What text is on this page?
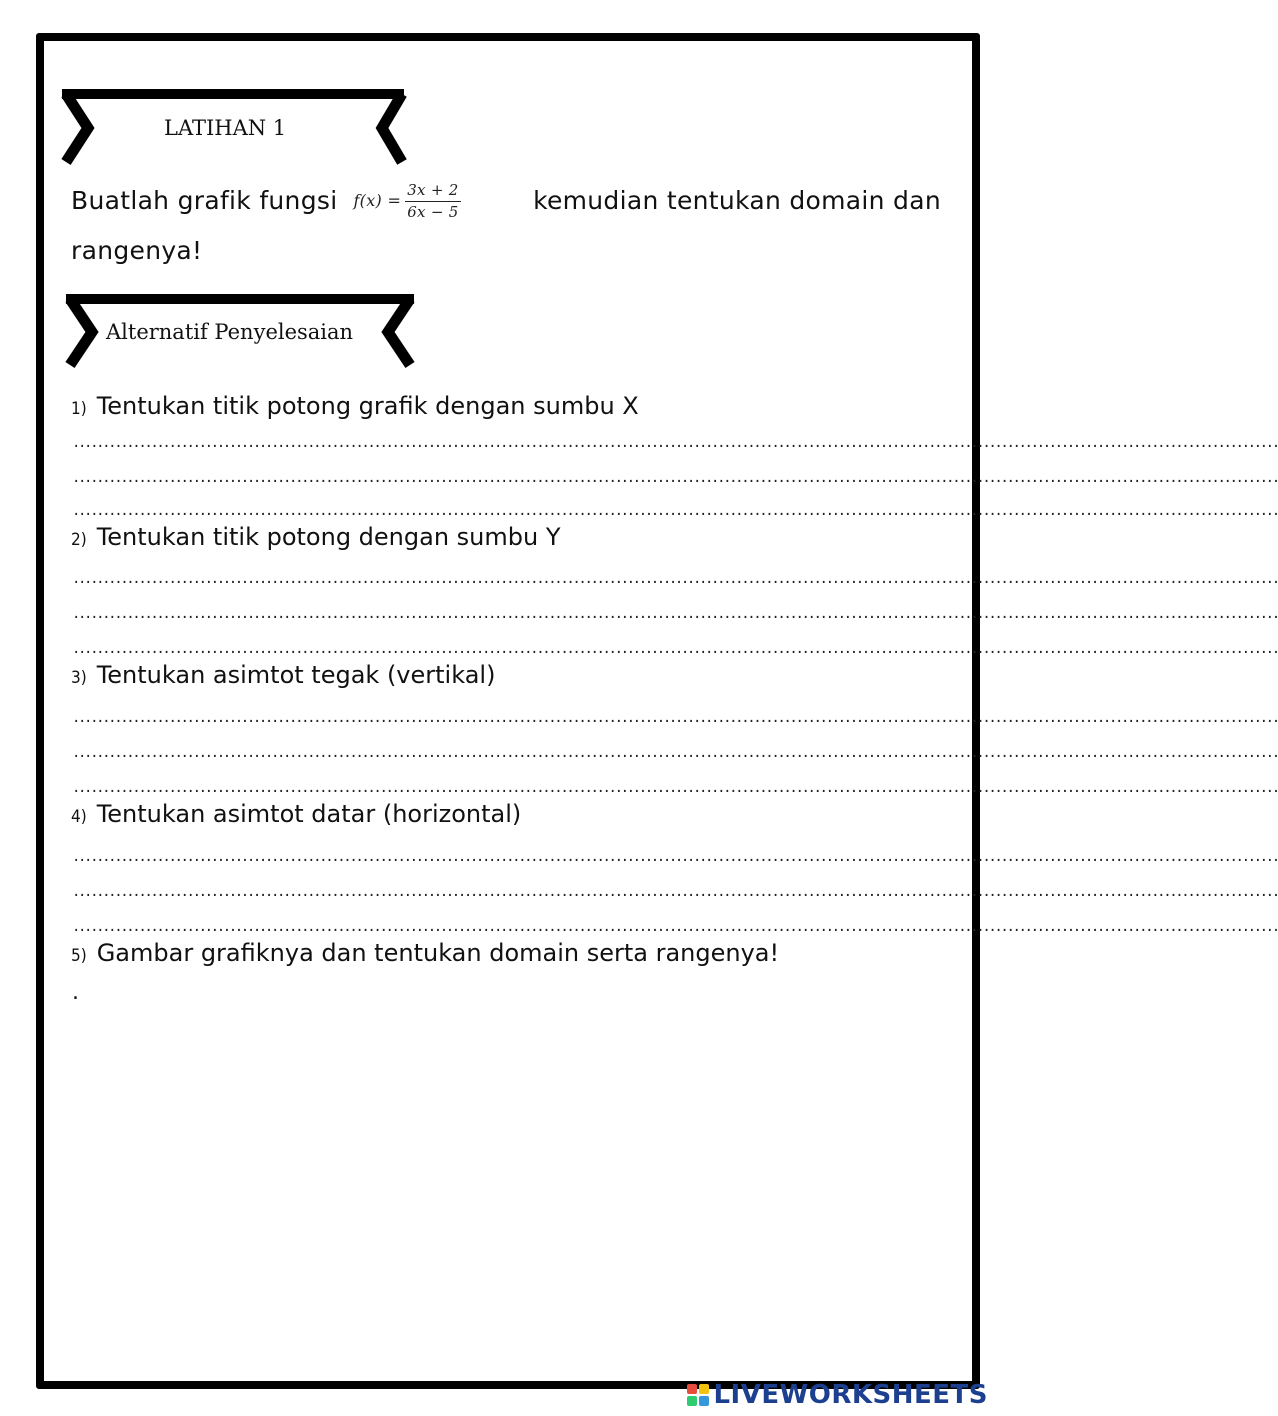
LATIHAN 1
Buatlah grafik fungsi $f(x) = \frac{3x + 2}{6x - 5}$	kemudian tentukan domain dan
rangenya!
Alternatif Penyelesaian
1) Tentukan titik potong grafik dengan sumbu X
........................................................................................................................................................................................................
........................................................................................................................................................................................................
........................................................................................................................................................................................................
2) Tentukan titik potong dengan sumbu Y
........................................................................................................................................................................................................
........................................................................................................................................................................................................
........................................................................................................................................................................................................
3) Tentukan asimtot tegak (vertikal)
........................................................................................................................................................................................................
........................................................................................................................................................................................................
........................................................................................................................................................................................................
4) Tentukan asimtot datar (horizontal)
........................................................................................................................................................................................................
........................................................................................................................................................................................................
........................................................................................................................................................................................................
5) Gambar grafiknya dan tentukan domain serta rangenya!
.
LIVEWORKSHEETS
